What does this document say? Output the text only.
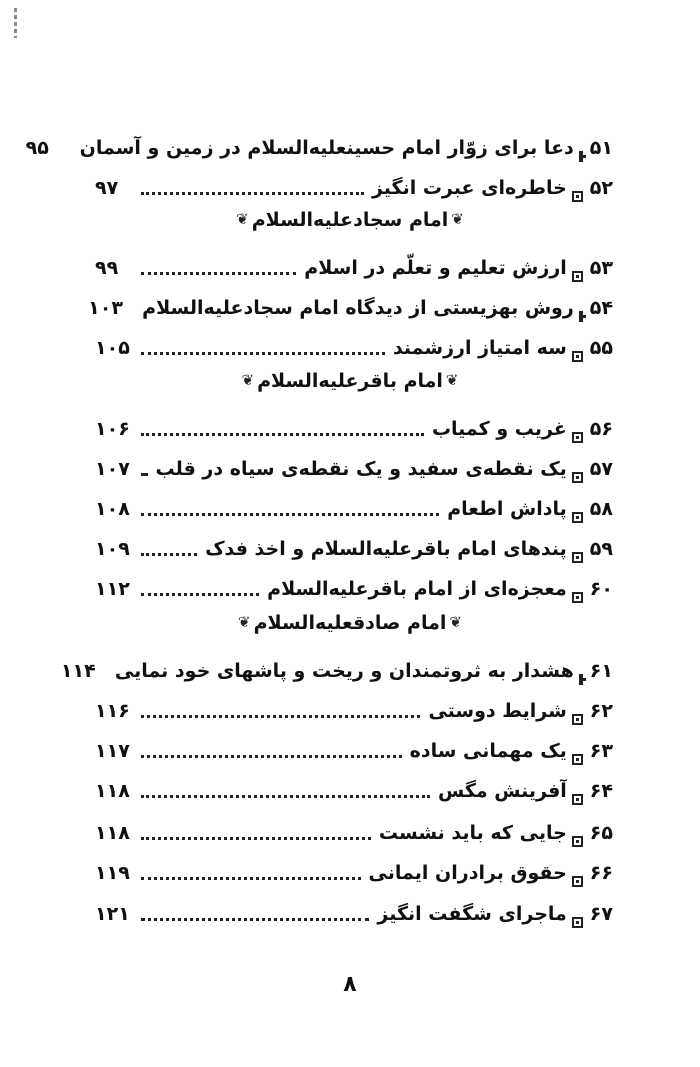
۵۱
دعا برای زوّار امام حسینعلیه‌السلام در زمین و آسمان
۹۵
۵۲
خاطره‌ای عبرت انگیز
۹۷
❦امام سجادعلیه‌السلام❦
۵۳
ارزش تعلیم و تعلّم در اسلام
۹۹
۵۴
روش بهزیستی از دیدگاه امام سجادعلیه‌السلام
۱۰۳
۵۵
سه امتیاز ارزشمند
۱۰۵
❦امام باقرعلیه‌السلام❦
۵۶
غریب و کمیاب
۱۰۶
۵۷
یک نقطه‌ی سفید و یک نقطه‌ی سیاه در قلب
۱۰۷
۵۸
پاداش اطعام
۱۰۸
۵۹
پندهای امام باقرعلیه‌السلام و اخذ فدک
۱۰۹
۶۰
معجزه‌ای از امام باقرعلیه‌السلام
۱۱۲
❦امام صادقعلیه‌السلام❦
۶۱
هشدار به ثروتمندان و ریخت و پاشهای خود نمایی
۱۱۴
۶۲
شرایط دوستی
۱۱۶
۶۳
یک مهمانی ساده
۱۱۷
۶۴
آفرینش مگس
۱۱۸
۶۵
جایی که باید نشست
۱۱۸
۶۶
حقوق برادران ایمانی
۱۱۹
۶۷
ماجرای شگفت انگیز
۱۲۱
۸
